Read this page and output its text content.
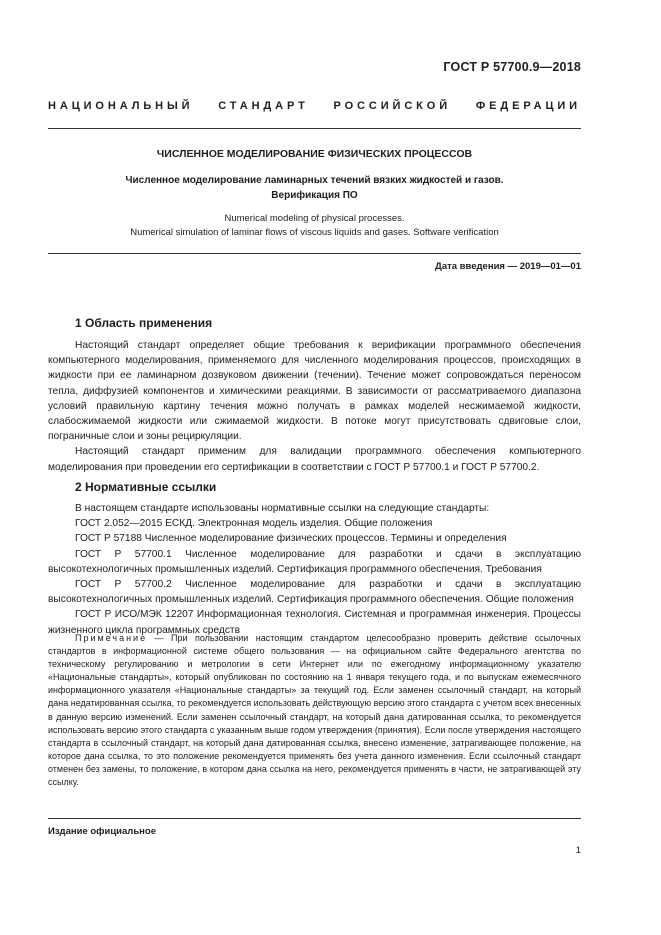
ГОСТ Р 57700.9—2018
НАЦИОНАЛЬНЫЙ СТАНДАРТ РОССИЙСКОЙ ФЕДЕРАЦИИ
ЧИСЛЕННОЕ МОДЕЛИРОВАНИЕ ФИЗИЧЕСКИХ ПРОЦЕССОВ
Численное моделирование ламинарных течений вязких жидкостей и газов.
Верификация ПО
Numerical modeling of physical processes.
Numerical simulation of laminar flows of viscous liquids and gases. Software verification
Дата введения — 2019—01—01
1 Область применения

Настоящий стандарт определяет общие требования к верификации программного обеспечения компьютерного моделирования, применяемого для численного моделирования процессов, происходящих в жидкости при ее ламинарном дозвуковом движении (течении). Течение может сопровождаться переносом тепла, диффузией компонентов и химическими реакциями. В зависимости от рассматриваемого диапазона условий правильную картину течения можно получать в рамках моделей несжимаемой жидкости, слабосжимаемой жидкости или сжимаемой жидкости. В потоке могут присутствовать сдвиговые слои, пограничные слои и зоны рециркуляции.

Настоящий стандарт применим для валидации программного обеспечения компьютерного моделирования при проведении его сертификации в соответствии с ГОСТ Р 57700.1 и ГОСТ Р 57700.2.

2 Нормативные ссылки

В настоящем стандарте использованы нормативные ссылки на следующие стандарты:

ГОСТ 2.052—2015 ЕСКД. Электронная модель изделия. Общие положения

ГОСТ Р 57188 Численное моделирование физических процессов. Термины и определения

ГОСТ Р 57700.1 Численное моделирование для разработки и сдачи в эксплуатацию высокотехнологичных промышленных изделий. Сертификация программного обеспечения. Требования

ГОСТ Р 57700.2 Численное моделирование для разработки и сдачи в эксплуатацию высокотехнологичных промышленных изделий. Сертификация программного обеспечения. Общие положения

ГОСТ Р ИСО/МЭК 12207 Информационная технология. Системная и программная инженерия. Процессы жизненного цикла программных средств

Примечание — При пользовании настоящим стандартом целесообразно проверить действие ссылочных стандартов в информационной системе общего пользования — на официальном сайте Федерального агентства по техническому регулированию и метрологии в сети Интернет или по ежегодному информационному указателю «Национальные стандарты», который опубликован по состоянию на 1 января текущего года, и по выпускам ежемесячного информационного указателя «Национальные стандарты» за текущий год. Если заменен ссылочный стандарт, на который дана недатированная ссылка, то рекомендуется использовать действующую версию этого стандарта с учетом всех внесенных в данную версию изменений. Если заменен ссылочный стандарт, на который дана датированная ссылка, то рекомендуется использовать версию этого стандарта с указанным выше годом утверждения (принятия). Если после утверждения настоящего стандарта в ссылочный стандарт, на который дана датированная ссылка, внесено изменение, затрагивающее положение, на которое дана ссылка, то это положение рекомендуется применять без учета данного изменения. Если ссылочный стандарт отменен без замены, то положение, в котором дана ссылка на него, рекомендуется применять в части, не затрагивающей эту ссылку.
Издание официальное
1
